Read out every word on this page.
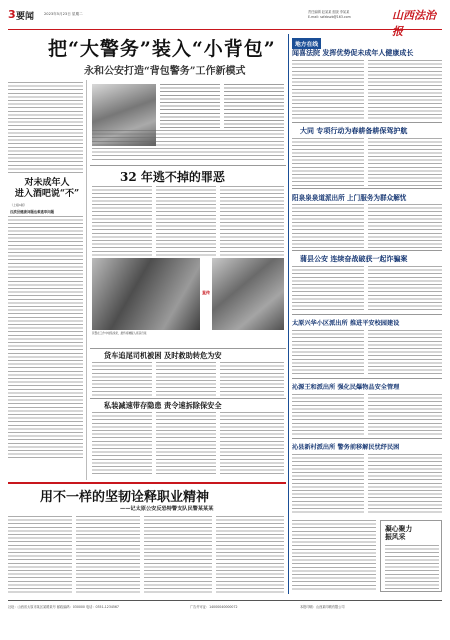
3 要闻	2023年5月23日 星期二	责任编辑 赵某某 组版 李某某
E-mail: szfzbszb@163.com	山西法治报
把“大警务”装入“小背包”
永和公安打造“背包警务”工作新模式
对未成年人
进入酒吧说“不”
（上接1版）
汉滨县健康问题也难逃审问题
32 年逃不掉的罪恶
直传
民警在工作中收集线索，最终将嫌疑人抓获归案
货车追尾司机被困 及时救助转危为安
私装减速带存隐患 责令速拆除保安全
地方在线
闻喜法院 发挥优势促未成年人健康成长
大同 专项行动为春耕备耕保驾护航
阳泉泉泉道派出所 上门服务为群众解忧
蒲县公安 连续奋战破获一起诈骗案
太原兴华小区派出所 推进平安校园建设
沁源王和派出所 强化民爆物品安全管理
沁县新村派出所 警务前移解民忧纾民困
凝心聚力
振风采
用不一样的坚韧诠释职业精神
——记太原公安反恐特警支队民警某某某
社址：山西省太原市某区某路某号 邮政编码：030000 电话：0351-1234567	广告许可证：14000040000072	本报印刷：山西某印刷有限公司
